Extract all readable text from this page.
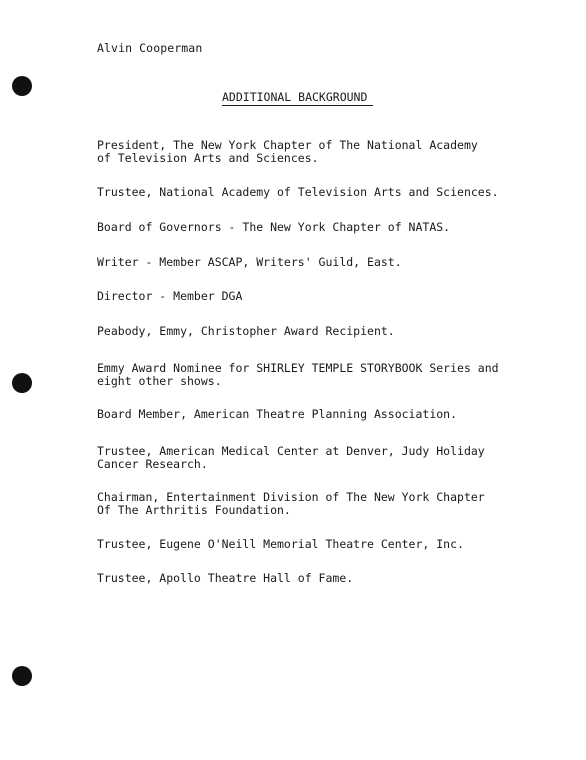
Alvin Cooperman
ADDITIONAL BACKGROUND

President, The New York Chapter of The National Academy
of Television Arts and Sciences.

Trustee, National Academy of Television Arts and Sciences.

Board of Governors - The New York Chapter of NATAS.

Writer - Member ASCAP, Writers' Guild, East.

Director - Member DGA

Peabody, Emmy, Christopher Award Recipient.

Emmy Award Nominee for SHIRLEY TEMPLE STORYBOOK Series and
eight other shows.

Board Member, American Theatre Planning Association.

Trustee, American Medical Center at Denver, Judy Holiday
Cancer Research.

Chairman, Entertainment Division of The New York Chapter
Of The Arthritis Foundation.

Trustee, Eugene O'Neill Memorial Theatre Center, Inc.

Trustee, Apollo Theatre Hall of Fame.
